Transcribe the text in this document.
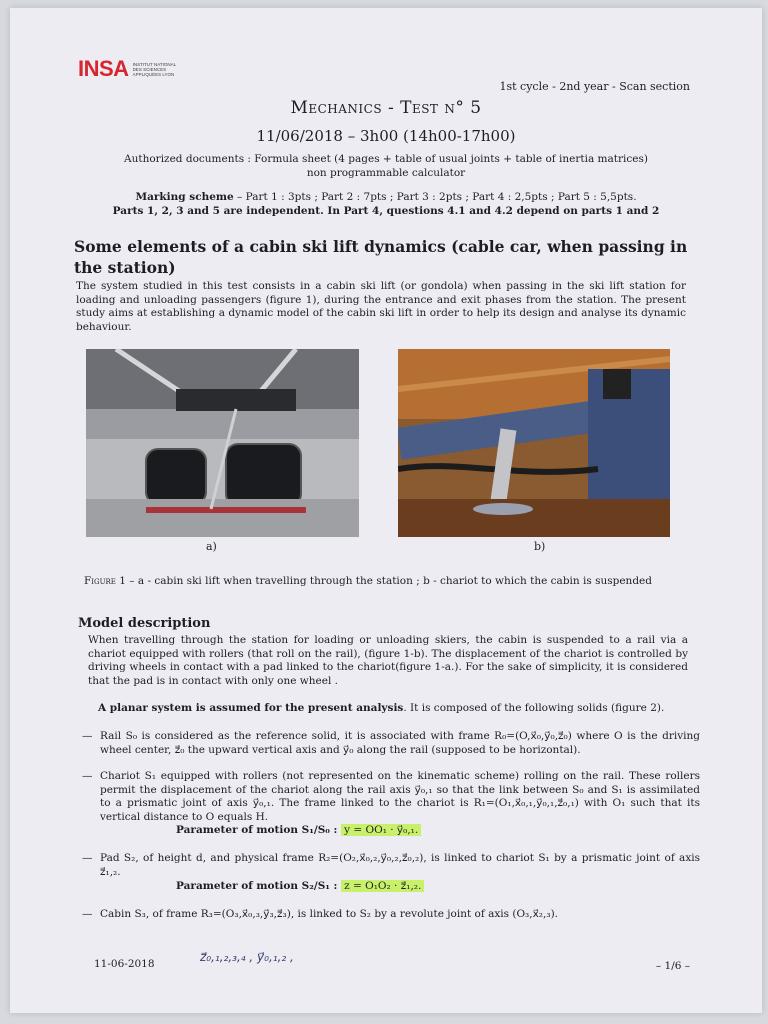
INSA INSTITUT NATIONAL DES SCIENCES APPLIQUÉES LYON
1st cycle - 2nd year - Scan section
Mechanics - Test n° 5
11/06/2018 – 3h00 (14h00-17h00)
Authorized documents : Formula sheet (4 pages + table of usual joints + table of inertia matrices)
non programmable calculator
Marking scheme – Part 1 : 3pts ; Part 2 : 7pts ; Part 3 : 2pts ; Part 4 : 2,5pts ; Part 5 : 5,5pts.
Parts 1, 2, 3 and 5 are independent. In Part 4, questions 4.1 and 4.2 depend on parts 1 and 2
Some elements of a cabin ski lift dynamics (cable car, when passing in the station)
The system studied in this test consists in a cabin ski lift (or gondola) when passing in the ski lift station for loading and unloading passengers (figure 1), during the entrance and exit phases from the station. The present study aims at establishing a dynamic model of the cabin ski lift in order to help its design and analyse its dynamic behaviour.
a)	b)
Figure 1 – a - cabin ski lift when travelling through the station ; b - chariot to which the cabin is suspended
Model description
When travelling through the station for loading or unloading skiers, the cabin is suspended to a rail via a chariot equipped with rollers (that roll on the rail), (figure 1-b). The displacement of the chariot is controlled by driving wheels in contact with a pad linked to the chariot(figure 1-a.). For the sake of simplicity, it is considered that the pad is in contact with only one wheel .
A planar system is assumed for the present analysis. It is composed of the following solids (figure 2).
— Rail S₀ is considered as the reference solid, it is associated with frame R₀=(O,x⃗₀,y⃗₀,z⃗₀) where O is the driving wheel center, z⃗₀ the upward vertical axis and y⃗₀ along the rail (supposed to be horizontal).
— Chariot S₁ equipped with rollers (not represented on the kinematic scheme) rolling on the rail. These rollers permit the displacement of the chariot along the rail axis y⃗₀,₁ so that the link between S₀ and S₁ is assimilated to a prismatic joint of axis y⃗₀,₁. The frame linked to the chariot is R₁=(O₁,x⃗₀,₁,y⃗₀,₁,z⃗₀,₁) with O₁ such that its vertical distance to O equals H.
Parameter of motion S₁/S₀ : y = OO₁ · y⃗₀,₁.
— Pad S₂, of height d, and physical frame R₂=(O₂,x⃗₀,₂,y⃗₀,₂,z⃗₀,₂), is linked to chariot S₁ by a prismatic joint of axis z⃗₁,₂.
Parameter of motion S₂/S₁ : z = O₁O₂ · z⃗₁,₂.
— Cabin S₃, of frame R₃=(O₃,x⃗₀,₃,y⃗₃,z⃗₃), is linked to S₂ by a revolute joint of axis (O₃,x⃗₂,₃).
11-06-2018	z⃗₀,₁,₂,₃,₄ , y⃗₀,₁,₂ ,
– 1/6 –
